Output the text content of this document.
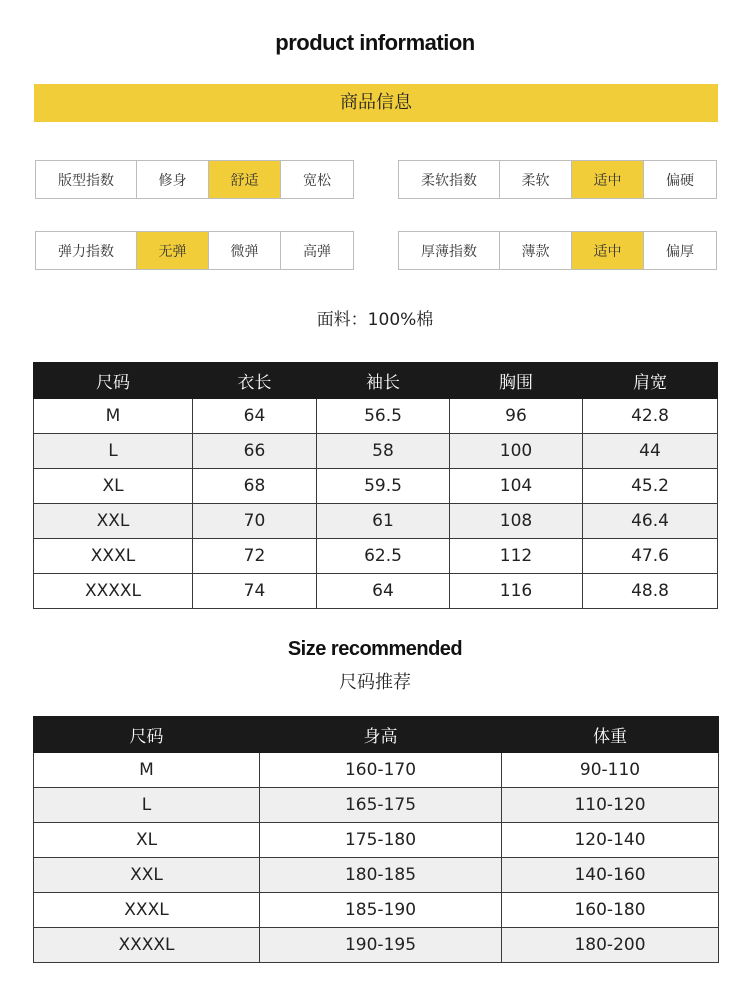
product information
商品信息
版型指数	修身	舒适	宽松	柔软指数	柔软	适中	偏硬
弹力指数	无弹	微弹	高弹	厚薄指数	薄款	适中	偏厚
面料：100%棉
尺码	衣长	袖长	胸围	肩宽
M	64	56.5	96	42.8
L	66	58	100	44
XL	68	59.5	104	45.2
XXL	70	61	108	46.4
XXXL	72	62.5	112	47.6
XXXXL	74	64	116	48.8
Size recommended
尺码推荐
尺码	身高	体重
M	160-170	90-110
L	165-175	110-120
XL	175-180	120-140
XXL	180-185	140-160
XXXL	185-190	160-180
XXXXL	190-195	180-200
